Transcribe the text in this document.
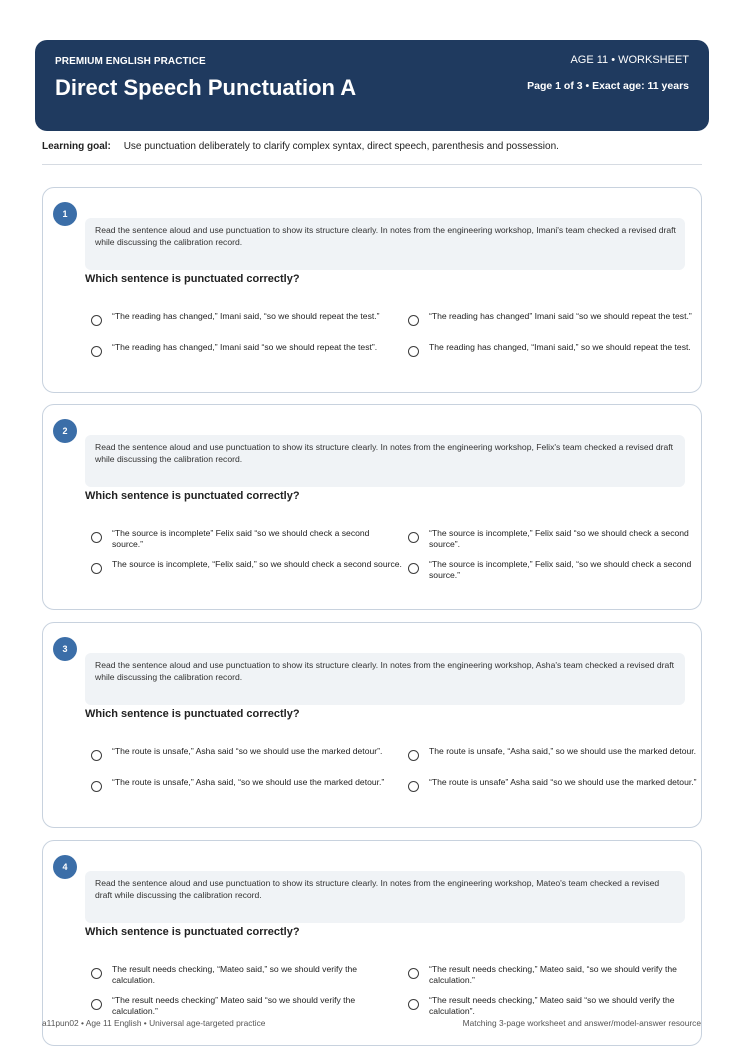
PREMIUM ENGLISH PRACTICE
Direct Speech Punctuation A
AGE 11 • WORKSHEET
Page 1 of 3 • Exact age: 11 years
Learning goal: Use punctuation deliberately to clarify complex syntax, direct speech, parenthesis and possession.
1
Read the sentence aloud and use punctuation to show its structure clearly. In notes from the engineering workshop, Imani's team checked a revised draft while discussing the calibration record.
Which sentence is punctuated correctly?
“The reading has changed,” Imani said, “so we should repeat the test.”	“The reading has changed” Imani said “so we should repeat the test.”
“The reading has changed,” Imani said “so we should repeat the test”.	The reading has changed, “Imani said,” so we should repeat the test.
2
Read the sentence aloud and use punctuation to show its structure clearly. In notes from the engineering workshop, Felix's team checked a revised draft while discussing the calibration record.
Which sentence is punctuated correctly?
“The source is incomplete” Felix said “so we should check a second source.”
“The source is incomplete,” Felix said “so we should check a second source”.
The source is incomplete, “Felix said,” so we should check a second source.	“The source is incomplete,” Felix said, “so we should check a second source.”
3
Read the sentence aloud and use punctuation to show its structure clearly. In notes from the engineering workshop, Asha's team checked a revised draft while discussing the calibration record.
Which sentence is punctuated correctly?
“The route is unsafe,” Asha said “so we should use the marked detour”.	The route is unsafe, “Asha said,” so we should use the marked detour.
“The route is unsafe,” Asha said, “so we should use the marked detour.”	“The route is unsafe” Asha said “so we should use the marked detour.”
4
Read the sentence aloud and use punctuation to show its structure clearly. In notes from the engineering workshop, Mateo's team checked a revised draft while discussing the calibration record.
Which sentence is punctuated correctly?
The result needs checking, “Mateo said,” so we should verify the calculation.
“The result needs checking,” Mateo said, “so we should verify the calculation.”
“The result needs checking” Mateo said “so we should verify the calculation.”
“The result needs checking,” Mateo said “so we should verify the calculation”.
a11pun02 • Age 11 English • Universal age-targeted practice	Matching 3-page worksheet and answer/model-answer resource
